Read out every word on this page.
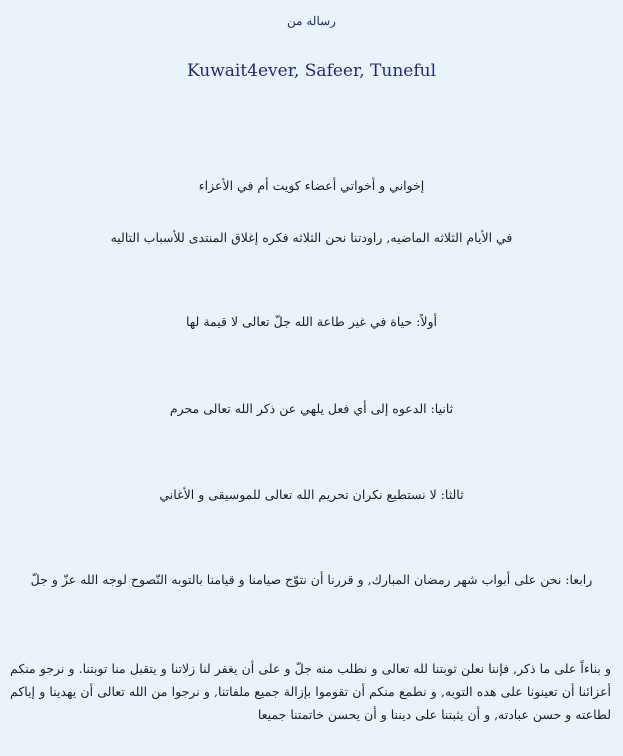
رساله من

Kuwait4ever, Safeer, Tuneful

إخواني و أخواتي أعضاء كويت أم في الأعزاء

في الأيام الثلاثه الماضيه, راودتنا نحن الثلاثه فكره إغلاق المنتدى للأسباب التاليه

أولاً: حياة في غير طاعة الله جلّ تعالى لا قيمة لها

ثانيا: الدعوه إلى أي فعل يلهي عن ذكر الله تعالى محرم

ثالثا: لا نستطيع نكران تحريم الله تعالى للموسيقى و الأغاني

رابعا: نحن على أبواب شهر رمضان المبارك, و قررنا أن نتوّج صيامنا و قيامنا بالتوبه النّصوح لوجه الله عزّ و جلّ

و بناءاً على ما ذكر, فإننا نعلن توبتنا لله تعالى و نطلب منه جلّ و على أن يغفر لنا زلاتنا و يتقبل منا توبتنا. و نرجو منكم أعزائنا أن تعينونا على هده التوبه, و نطمع منكم أن تقوموا بإزالة جميع ملفاتنا, و نرجوا من الله تعالى أن يهدينا و إياكم لطاعته و حسن عبادته, و أن يثبتنا على ديننا و أن يحسن خاتمتنا جميعا
